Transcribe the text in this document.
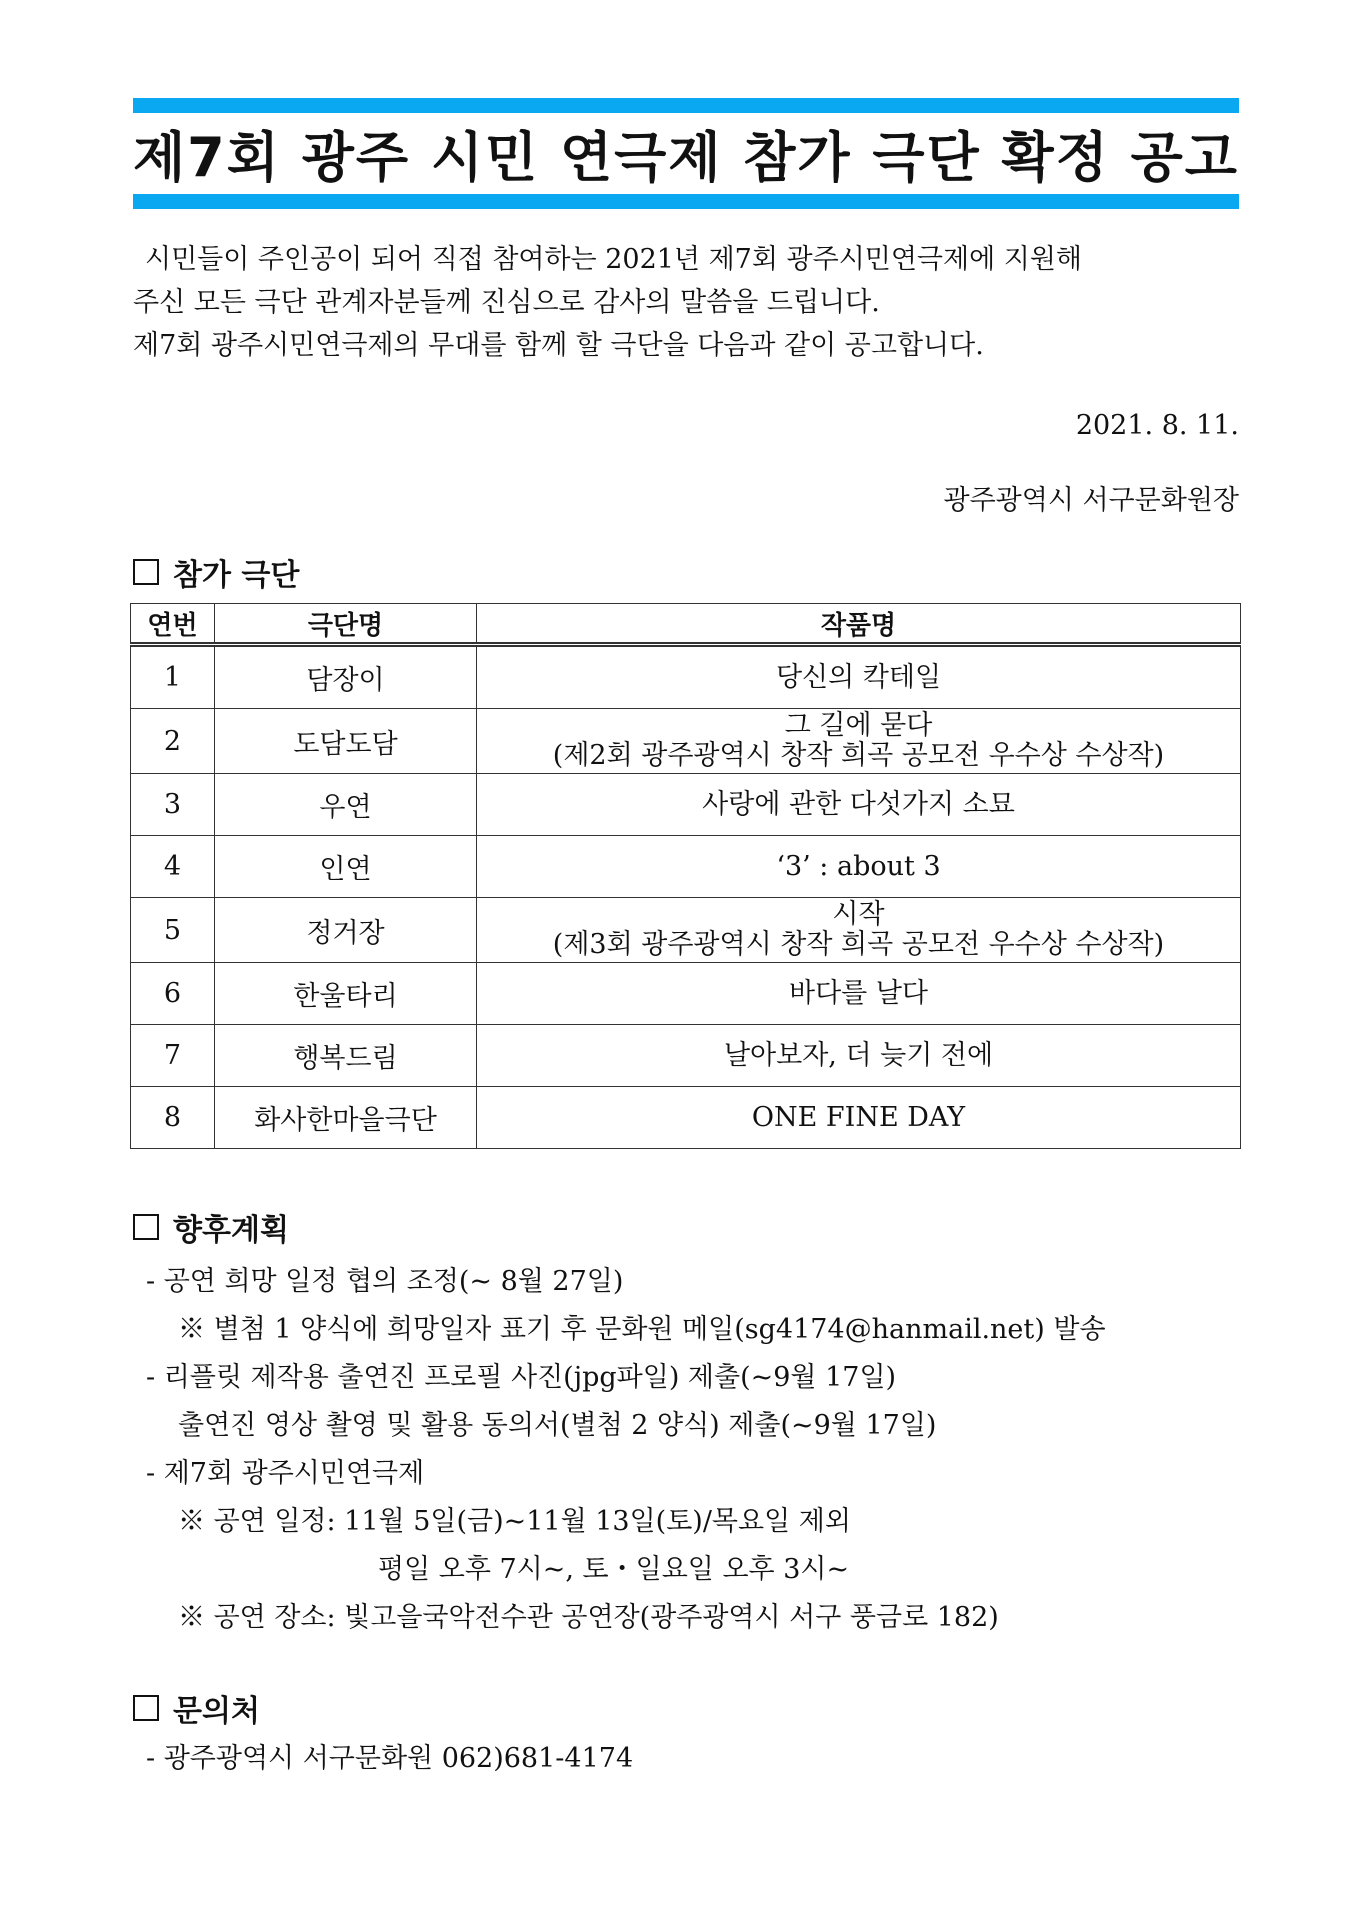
제7회 광주 시민 연극제 참가 극단 확정 공고

시민들이 주인공이 되어 직접 참여하는 2021년 제7회 광주시민연극제에 지원해

주신 모든 극단 관계자분들께 진심으로 감사의 말씀을 드립니다.

제7회 광주시민연극제의 무대를 함께 할 극단을 다음과 같이 공고합니다.

2021. 8. 11.
광주광역시 서구문화원장
참가 극단
연번	극단명	작품명
1	담장이	당신의 칵테일

2	도담도담	그 길에 묻다
(제2회 광주광역시 창작 희곡 공모전 우수상 수상작)

3	우연	사랑에 관한 다섯가지 소묘

4	인연	‘3’ : about 3

5	정거장	시작
(제3회 광주광역시 창작 희곡 공모전 우수상 수상작)

6	한울타리	바다를 날다

7	행복드림	날아보자, 더 늦기 전에

8	화사한마을극단	ONE FINE DAY
향후계획

- 공연 희망 일정 협의 조정(~ 8월 27일)

※ 별첨 1 양식에 희망일자 표기 후 문화원 메일(sg4174@hanmail.net) 발송

- 리플릿 제작용 출연진 프로필 사진(jpg파일) 제출(~9월 17일)

출연진 영상 촬영 및 활용 동의서(별첨 2 양식) 제출(~9월 17일)

- 제7회 광주시민연극제

※ 공연 일정: 11월 5일(금)~11월 13일(토)/목요일 제외

평일 오후 7시~, 토・일요일 오후 3시~

※ 공연 장소: 빛고을국악전수관 공연장(광주광역시 서구 풍금로 182)

문의처
- 광주광역시 서구문화원 062)681-4174
